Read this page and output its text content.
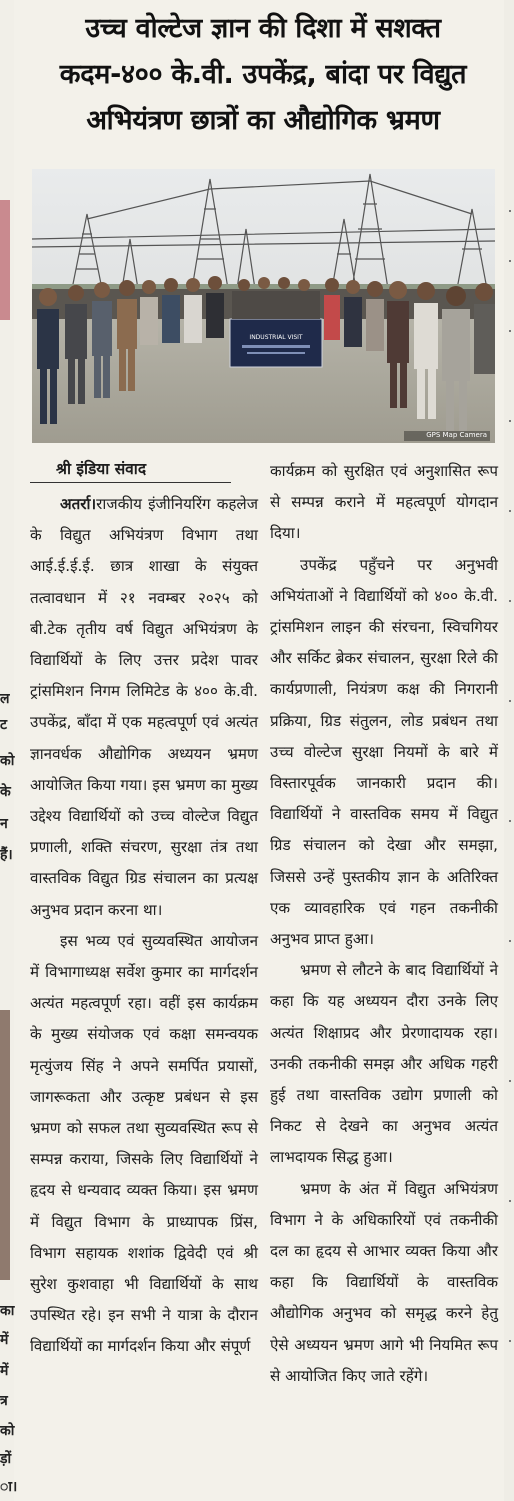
ल
ट
को
के
न
हैं।
का
में
में
त्र
को
ड़ों
ा।
उच्च वोल्टेज ज्ञान की दिशा में सशक्त
कदम-४०० के.वी. उपकेंद्र, बांदा पर विद्युत
अभियंत्रण छात्रों का औद्योगिक भ्रमण
INDUSTRIAL VISIT
GPS Map Camera
श्री इंडिया संवाद

अतर्रा।राजकीय इंजीनियरिंग कहलेज के विद्युत अभियंत्रण विभाग तथा आई.ई.ई.ई. छात्र शाखा के संयुक्त तत्वावधान में २१ नवम्बर २०२५ को बी.टेक तृतीय वर्ष विद्युत अभियंत्रण के विद्यार्थियों के लिए उत्तर प्रदेश पावर ट्रांसमिशन निगम लिमिटेड के ४०० के.वी. उपकेंद्र, बाँदा में एक महत्वपूर्ण एवं अत्यंत ज्ञानवर्धक औद्योगिक अध्ययन भ्रमण आयोजित किया गया। इस भ्रमण का मुख्य उद्देश्य विद्यार्थियों को उच्च वोल्टेज विद्युत प्रणाली, शक्ति संचरण, सुरक्षा तंत्र तथा वास्तविक विद्युत ग्रिड संचालन का प्रत्यक्ष अनुभव प्रदान करना था।

इस भव्य एवं सुव्यवस्थित आयोजन में विभागाध्यक्ष सर्वेश कुमार का मार्गदर्शन अत्यंत महत्वपूर्ण रहा। वहीं इस कार्यक्रम के मुख्य संयोजक एवं कक्षा समन्वयक मृत्युंजय सिंह ने अपने समर्पित प्रयासों, जागरूकता और उत्कृष्ट प्रबंधन से इस भ्रमण को सफल तथा सुव्यवस्थित रूप से सम्पन्न कराया, जिसके लिए विद्यार्थियों ने हृदय से धन्यवाद व्यक्त किया। इस भ्रमण में विद्युत विभाग के प्राध्यापक प्रिंस, विभाग सहायक शशांक द्विवेदी एवं श्री सुरेश कुशवाहा भी विद्यार्थियों के साथ उपस्थित रहे। इन सभी ने यात्रा के दौरान विद्यार्थियों का मार्गदर्शन किया और संपूर्ण

कार्यक्रम को सुरक्षित एवं अनुशासित रूप से सम्पन्न कराने में महत्वपूर्ण योगदान दिया।

उपकेंद्र पहुँचने पर अनुभवी अभियंताओं ने विद्यार्थियों को ४०० के.वी. ट्रांसमिशन लाइन की संरचना, स्विचगियर और सर्किट ब्रेकर संचालन, सुरक्षा रिले की कार्यप्रणाली, नियंत्रण कक्ष की निगरानी प्रक्रिया, ग्रिड संतुलन, लोड प्रबंधन तथा उच्च वोल्टेज सुरक्षा नियमों के बारे में विस्तारपूर्वक जानकारी प्रदान की। विद्यार्थियों ने वास्तविक समय में विद्युत ग्रिड संचालन को देखा और समझा, जिससे उन्हें पुस्तकीय ज्ञान के अतिरिक्त एक व्यावहारिक एवं गहन तकनीकी अनुभव प्राप्त हुआ।

भ्रमण से लौटने के बाद विद्यार्थियों ने कहा कि यह अध्ययन दौरा उनके लिए अत्यंत शिक्षाप्रद और प्रेरणादायक रहा। उनकी तकनीकी समझ और अधिक गहरी हुई तथा वास्तविक उद्योग प्रणाली को निकट से देखने का अनुभव अत्यंत लाभदायक सिद्ध हुआ।

भ्रमण के अंत में विद्युत अभियंत्रण विभाग ने के अधिकारियों एवं तकनीकी दल का हृदय से आभार व्यक्त किया और कहा कि विद्यार्थियों के वास्तविक औद्योगिक अनुभव को समृद्ध करने हेतु ऐसे अध्ययन भ्रमण आगे भी नियमित रूप से आयोजित किए जाते रहेंगे।
